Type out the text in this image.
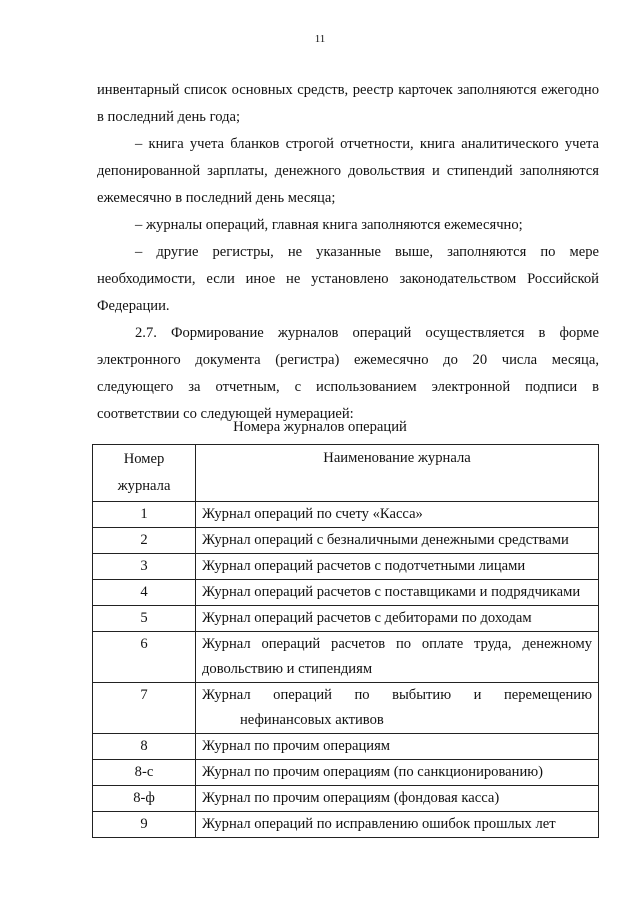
11

инвентарный список основных средств, реестр карточек заполняются ежегодно в последний день года;

– книга учета бланков строгой отчетности, книга аналитического учета депонированной зарплаты, денежного довольствия и стипендий заполняются ежемесячно в последний день месяца;

– журналы операций, главная книга заполняются ежемесячно;

– другие регистры, не указанные выше, заполняются по мере необходимости, если иное не установлено законодательством Российской Федерации.

2.7. Формирование журналов операций осуществляется в форме электронного документа (регистра) ежемесячно до 20 числа месяца, следующего за отчетным, с использованием электронной подписи в соответствии со следующей нумерацией:

Номера журналов операций
Номер
журнала	Наименование журнала
1	Журнал операций по счету «Касса»
2	Журнал операций с безналичными денежными средствами
3	Журнал операций расчетов с подотчетными лицами
4	Журнал операций расчетов с поставщиками и подрядчиками
5	Журнал операций расчетов с дебиторами по доходам
6	Журнал операций расчетов по оплате труда, денежному довольствию и стипендиям
7	Журнал операций по выбытию и перемещению
нефинансовых активов

8	Журнал по прочим операциям
8-с	Журнал по прочим операциям (по санкционированию)
8-ф	Журнал по прочим операциям (фондовая касса)
9	Журнал операций по исправлению ошибок прошлых лет
